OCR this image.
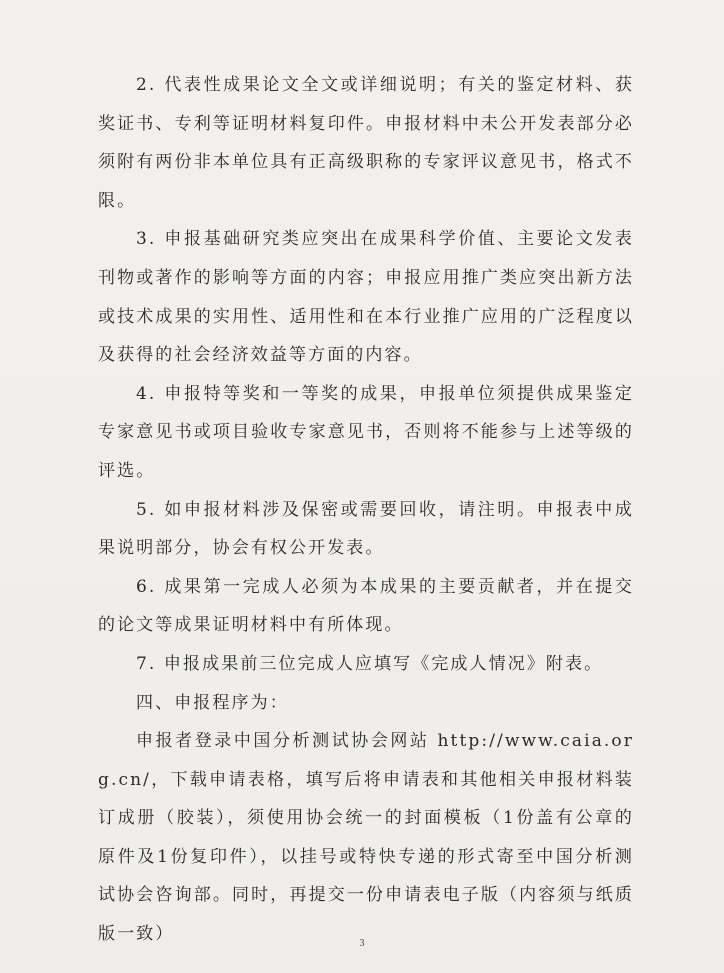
2. 代表性成果论文全文或详细说明；有关的鉴定材料、获奖证书、专利等证明材料复印件。申报材料中未公开发表部分必须附有两份非本单位具有正高级职称的专家评议意见书，格式不限。

3. 申报基础研究类应突出在成果科学价值、主要论文发表刊物或著作的影响等方面的内容；申报应用推广类应突出新方法或技术成果的实用性、适用性和在本行业推广应用的广泛程度以及获得的社会经济效益等方面的内容。

4. 申报特等奖和一等奖的成果，申报单位须提供成果鉴定专家意见书或项目验收专家意见书，否则将不能参与上述等级的评选。

5. 如申报材料涉及保密或需要回收，请注明。申报表中成果说明部分，协会有权公开发表。

6. 成果第一完成人必须为本成果的主要贡献者，并在提交的论文等成果证明材料中有所体现。

7. 申报成果前三位完成人应填写《完成人情况》附表。

四、申报程序为：

申报者登录中国分析测试协会网站 http://www.caia.org.cn/，下载申请表格，填写后将申请表和其他相关申报材料装订成册（胶装），须使用协会统一的封面模板（1份盖有公章的原件及1份复印件），以挂号或特快专递的形式寄至中国分析测试协会咨询部。同时，再提交一份申请表电子版（内容须与纸质版一致）	3
